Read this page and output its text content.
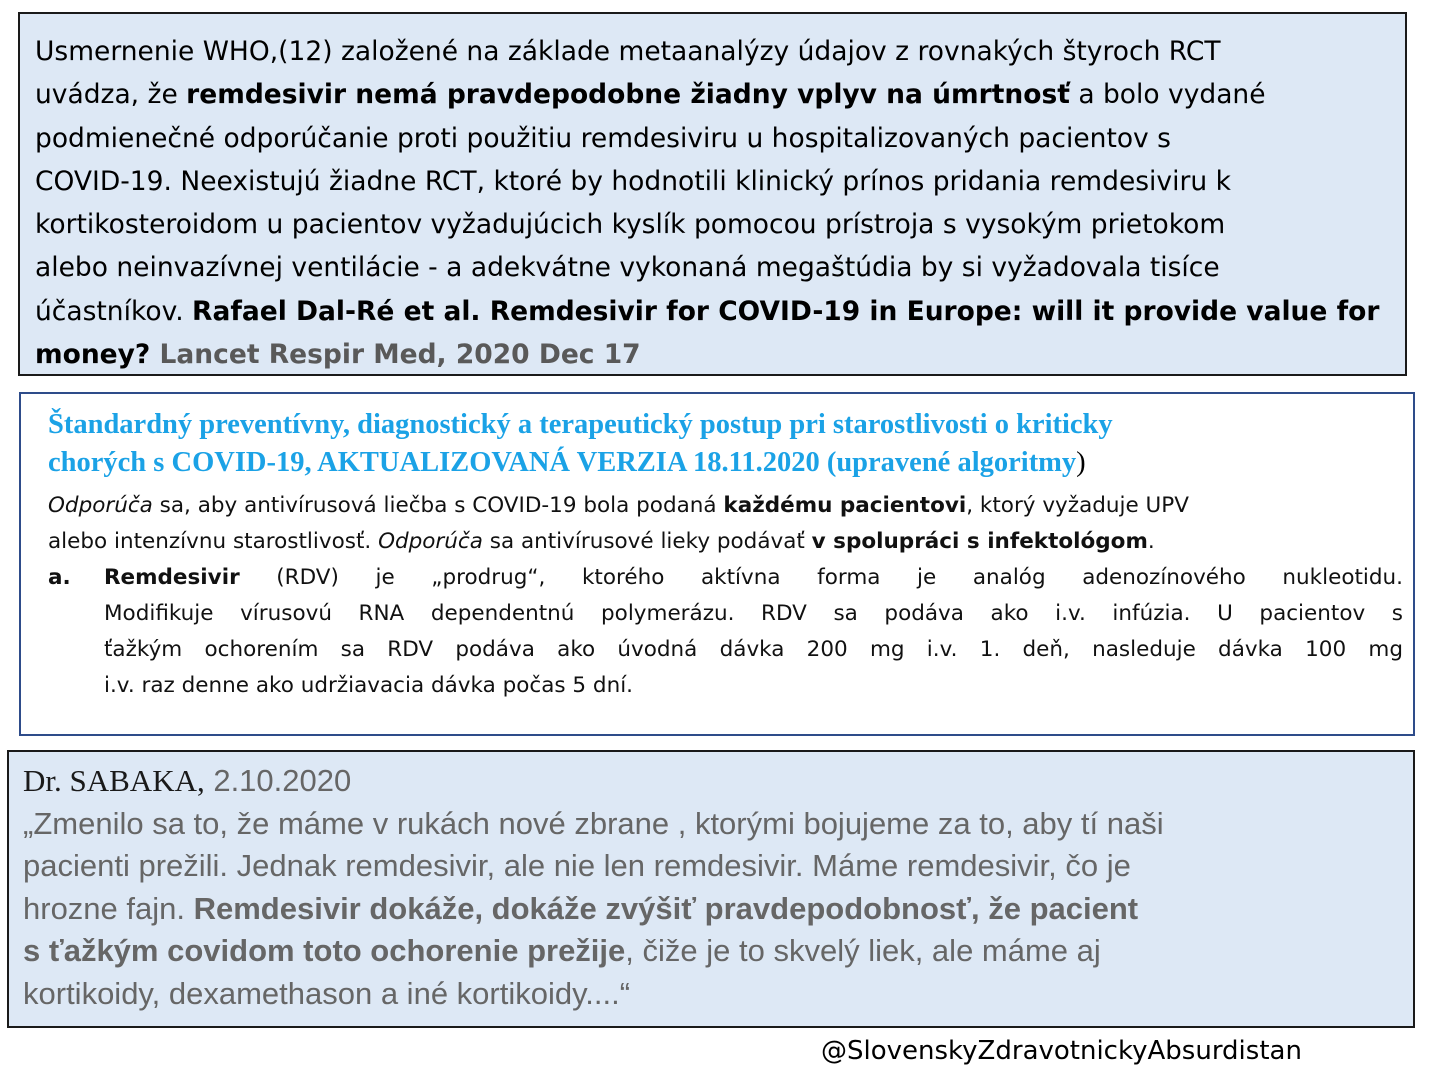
Usmernenie WHO,(12) založené na základe metaanalýzy údajov z rovnakých štyroch RCT
uvádza, že remdesivir nemá pravdepodobne žiadny vplyv na úmrtnosť a bolo vydané
podmienečné odporúčanie proti použitiu remdesiviru u hospitalizovaných pacientov s
COVID-19. Neexistujú žiadne RCT, ktoré by hodnotili klinický prínos pridania remdesiviru k
kortikosteroidom u pacientov vyžadujúcich kyslík pomocou prístroja s vysokým prietokom
alebo neinvazívnej ventilácie - a adekvátne vykonaná megaštúdia by si vyžadovala tisíce
účastníkov. Rafael Dal-Ré et al. Remdesivir for COVID-19 in Europe: will it provide value for
money? Lancet Respir Med, 2020 Dec 17
Štandardný preventívny, diagnostický a terapeutický postup pri starostlivosti o kriticky
chorých s COVID-19, AKTUALIZOVANÁ VERZIA 18.11.2020 (upravené algoritmy)
Odporúča sa, aby antivírusová liečba s COVID-19 bola podaná každému pacientovi, ktorý vyžaduje UPV
alebo intenzívnu starostlivosť. Odporúča sa antivírusové lieky podávať v spolupráci s infektológom.
a.	Remdesivir (RDV) je „prodrug“, ktorého aktívna forma je analóg adenozínového nukleotidu.
Modifikuje vírusovú RNA dependentnú polymerázu. RDV sa podáva ako i.v. infúzia. U pacientov s
ťažkým ochorením sa RDV podáva ako úvodná dávka 200 mg i.v. 1. deň, nasleduje dávka 100 mg
i.v. raz denne ako udržiavacia dávka počas 5 dní.
Dr. SABAKA, 2.10.2020
„Zmenilo sa to, že máme v rukách nové zbrane , ktorými bojujeme za to, aby tí naši
pacienti prežili. Jednak remdesivir, ale nie len remdesivir. Máme remdesivir, čo je
hrozne fajn. Remdesivir dokáže, dokáže zvýšiť pravdepodobnosť, že pacient
s ťažkým covidom toto ochorenie prežije, čiže je to skvelý liek, ale máme aj
kortikoidy, dexamethason a iné kortikoidy....“
@SlovenskyZdravotnickyAbsurdistan
